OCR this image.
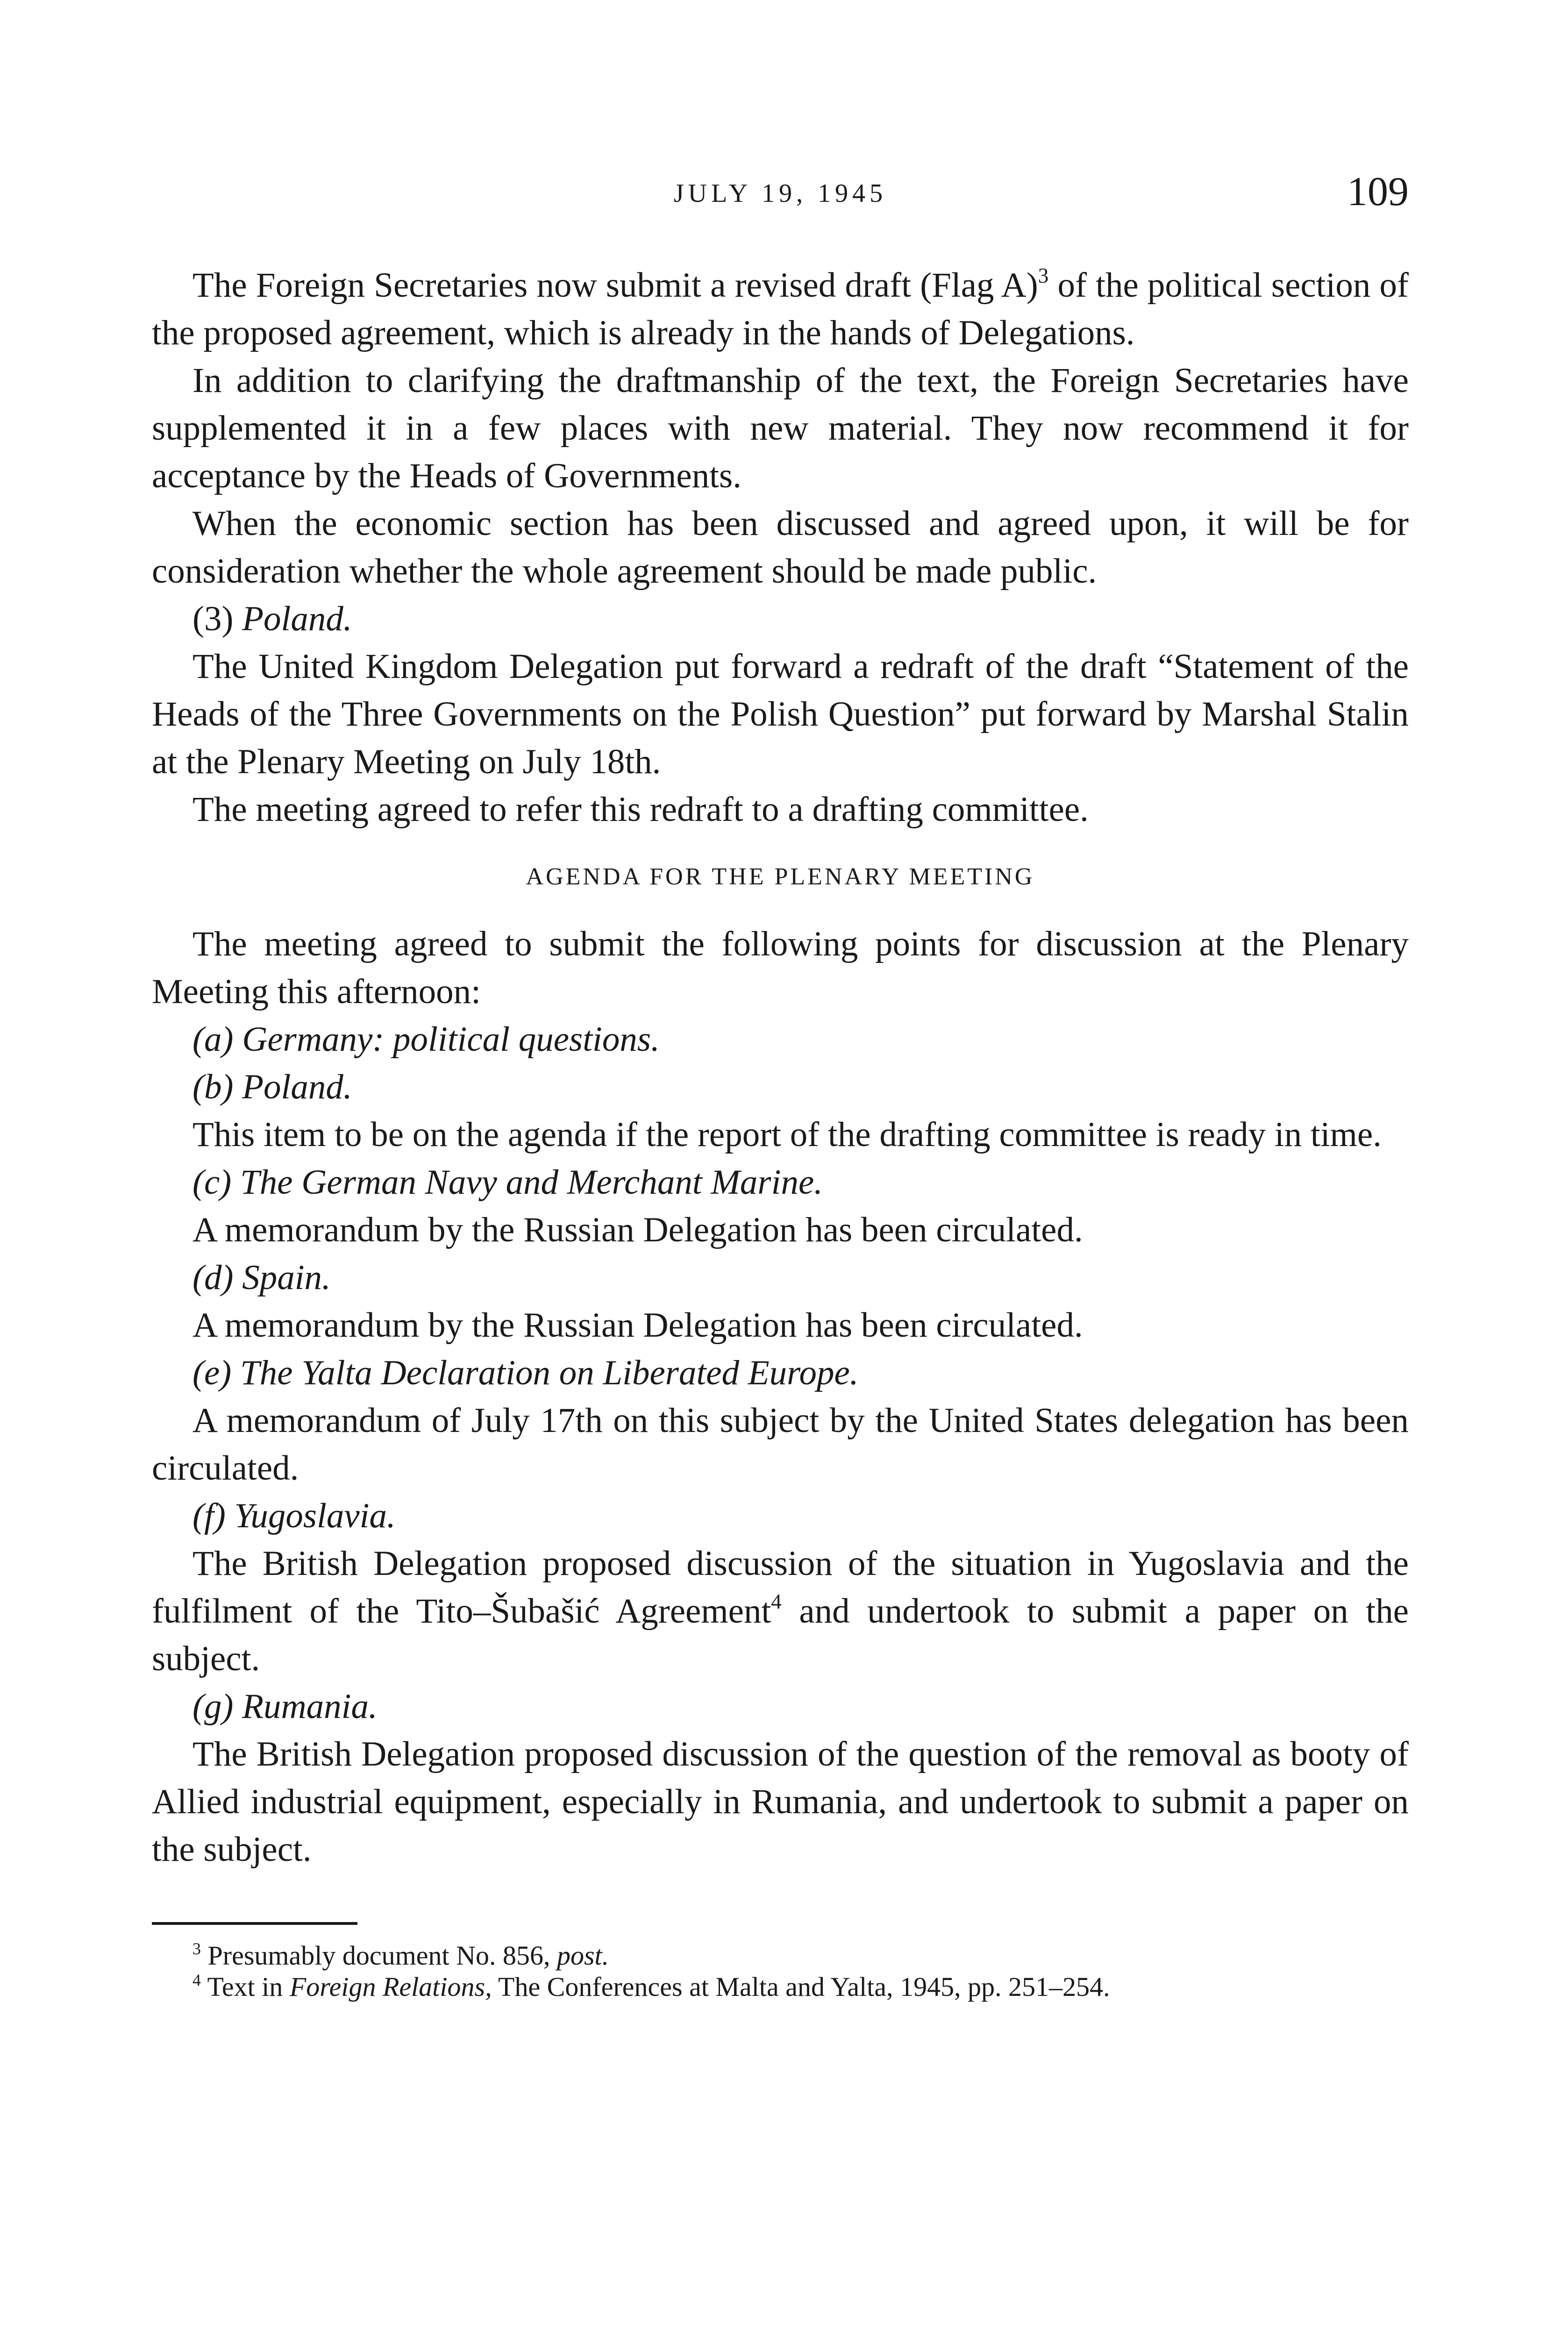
JULY 19, 1945	109

The Foreign Secretaries now submit a revised draft (Flag A)$^3$ of the political section of the proposed agreement, which is already in the hands of Delegations.

In addition to clarifying the draftmanship of the text, the Foreign Secretaries have supplemented it in a few places with new material. They now recommend it for acceptance by the Heads of Governments.

When the economic section has been discussed and agreed upon, it will be for consideration whether the whole agreement should be made public.

(3) Poland.

The United Kingdom Delegation put forward a redraft of the draft “Statement of the Heads of the Three Governments on the Polish Question” put forward by Marshal Stalin at the Plenary Meeting on July 18th.

The meeting agreed to refer this redraft to a drafting committee.

AGENDA FOR THE PLENARY MEETING

The meeting agreed to submit the following points for discussion at the Plenary Meeting this afternoon:

(a) Germany: political questions.

(b) Poland.

This item to be on the agenda if the report of the drafting committee is ready in time.

(c) The German Navy and Merchant Marine.

A memorandum by the Russian Delegation has been circulated.

(d) Spain.

A memorandum by the Russian Delegation has been circulated.

(e) The Yalta Declaration on Liberated Europe.

A memorandum of July 17th on this subject by the United States delegation has been circulated.

(f) Yugoslavia.

The British Delegation proposed discussion of the situation in Yugoslavia and the fulfilment of the Tito–Šubašić Agreement$^4$ and undertook to submit a paper on the subject.

(g) Rumania.

The British Delegation proposed discussion of the question of the removal as booty of Allied industrial equipment, especially in Rumania, and undertook to submit a paper on the subject.

$^3$ Presumably document No. 856, post.

$^4$ Text in Foreign Relations, The Conferences at Malta and Yalta, 1945, pp. 251–254.
